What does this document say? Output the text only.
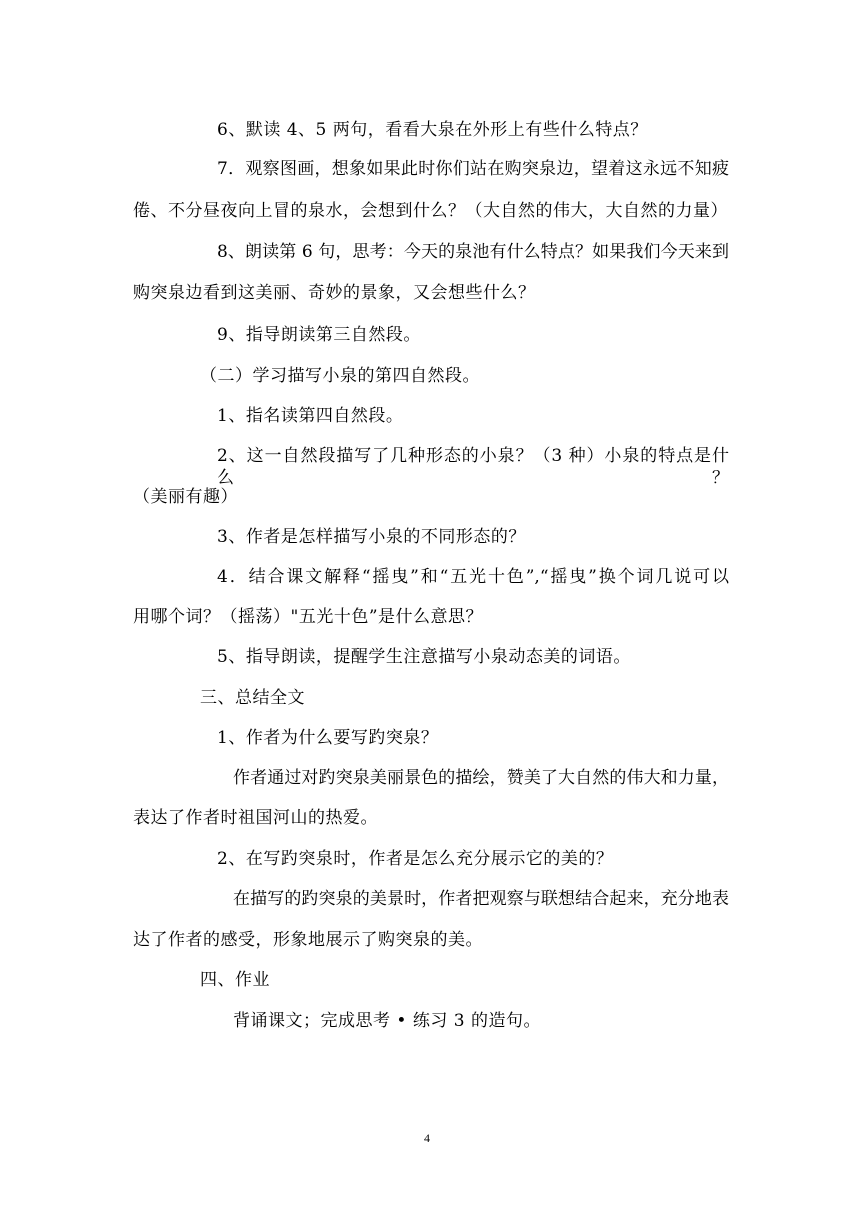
6、默读 4、5 两句，看看大泉在外形上有些什么特点？
7．观察图画，想象如果此时你们站在购突泉边，望着这永远不知疲
倦、不分昼夜向上冒的泉水，会想到什么？（大自然的伟大，大自然的力量）
8、朗读第 6 句，思考：今天的泉池有什么特点？如果我们今天来到
购突泉边看到这美丽、奇妙的景象，又会想些什么？
9、指导朗读第三自然段。
（二）学习描写小泉的第四自然段。
1、指名读第四自然段。
2、这一自然段描写了几种形态的小泉？（3 种）小泉的特点是什么？
（美丽有趣）
3、作者是怎样描写小泉的不同形态的？
4．结合课文解释“摇曳”和“五光十色”,“摇曳”换个词几说可以
用哪个词？（摇荡）"五光十色”是什么意思？
5、指导朗读，提醒学生注意描写小泉动态美的词语。
三、总结全文
1、作者为什么要写趵突泉？
作者通过对趵突泉美丽景色的描绘，赞美了大自然的伟大和力量，
表达了作者时祖国河山的热爱。
2、在写趵突泉时，作者是怎么充分展示它的美的？
在描写的趵突泉的美景时，作者把观察与联想结合起来，充分地表
达了作者的感受，形象地展示了购突泉的美。
四、作业
背诵课文；完成思考 • 练习 3 的造句。
4
